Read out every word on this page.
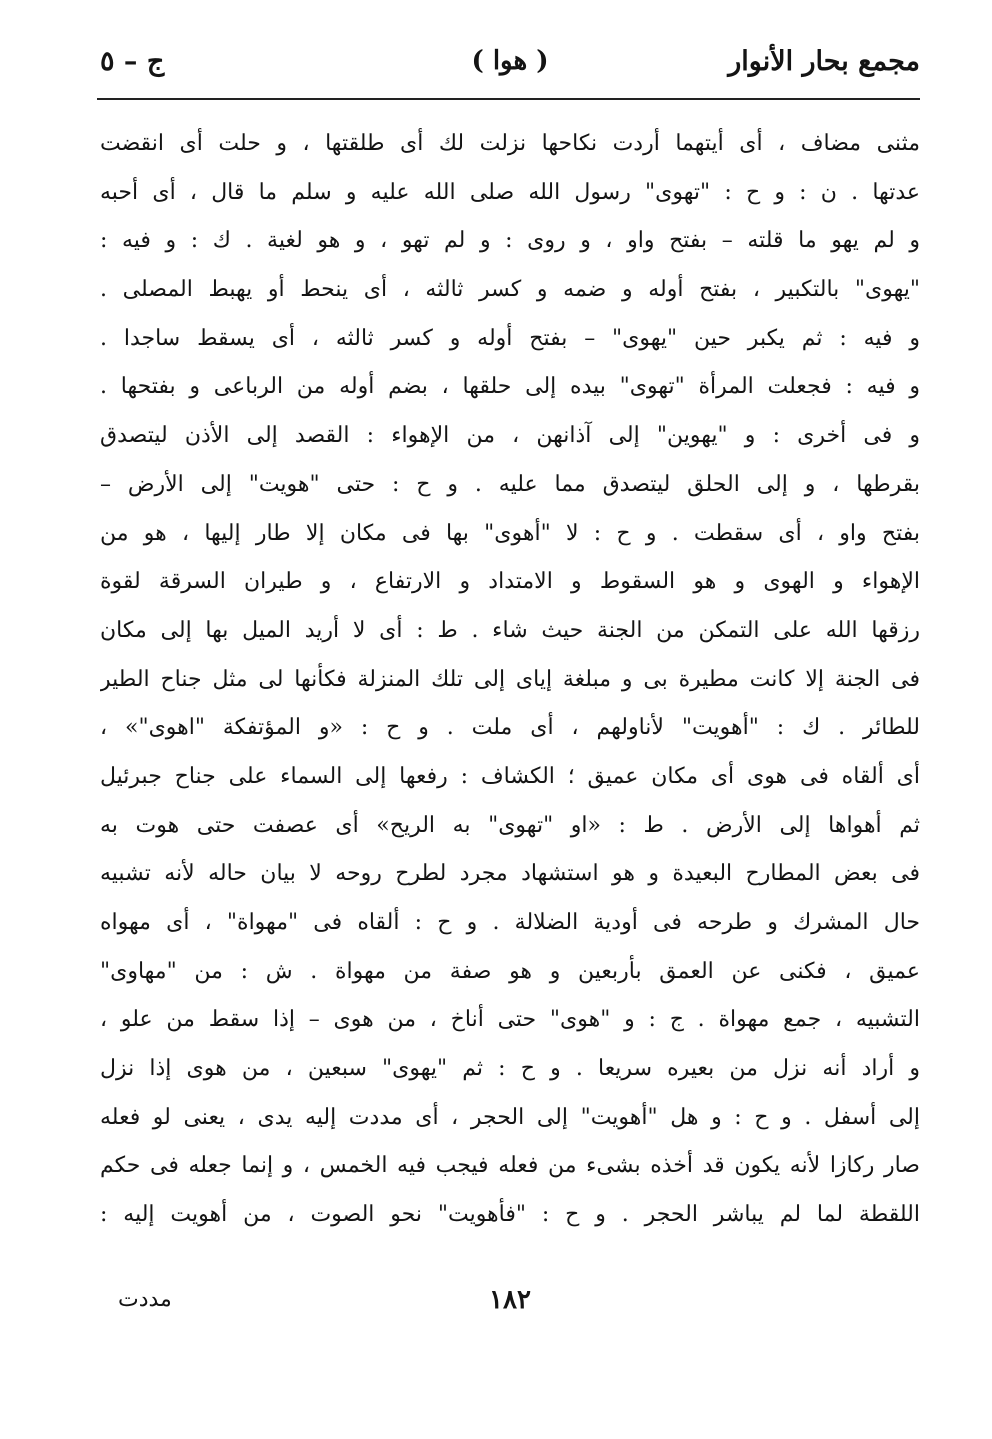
مجمع بحار الأنوار
( هوا )
ج – ٥
مثنى مضاف ، أى أيتهما أردت نكاحها نزلت لك أى طلقتها ، و حلت أى انقضت
عدتها . ن : و ح : "تهوى" رسول الله صلى الله عليه و سلم ما قال ، أى أحبه
و لم يهو ما قلته – بفتح واو ، و روى : و لم تهو ، و هو لغية . ك : و فيه :
"يهوى" بالتكبير ، بفتح أوله و ضمه و كسر ثالثه ، أى ينحط أو يهبط المصلى .
و فيه : ثم يكبر حين "يهوى" – بفتح أوله و كسر ثالثه ، أى يسقط ساجدا .
و فيه : فجعلت المرأة "تهوى" بيده إلى حلقها ، بضم أوله من الرباعى و بفتحها .
و فى أخرى : و "يهوين" إلى آذانهن ، من الإهواء : القصد إلى الأذن ليتصدق
بقرطها ، و إلى الحلق ليتصدق مما عليه . و ح : حتى "هويت" إلى الأرض –
بفتح واو ، أى سقطت . و ح : لا "أهوى" بها فى مكان إلا طار إليها ، هو من
الإهواء و الهوى و هو السقوط و الامتداد و الارتفاع ، و طيران السرقة لقوة
رزقها الله على التمكن من الجنة حيث شاء . ط : أى لا أريد الميل بها إلى مكان
فى الجنة إلا كانت مطيرة بى و مبلغة إياى إلى تلك المنزلة فكأنها لى مثل جناح الطير
للطائر . ك : "أهويت" لأناولهم ، أى ملت . و ح : «و المؤتفكة "اهوى"» ،
أى ألقاه فى هوى أى مكان عميق ؛ الكشاف : رفعها إلى السماء على جناح جبرئيل
ثم أهواها إلى الأرض . ط : «او "تهوى" به الريح» أى عصفت حتى هوت به
فى بعض المطارح البعيدة و هو استشهاد مجرد لطرح روحه لا بيان حاله لأنه تشبيه
حال المشرك و طرحه فى أودية الضلالة . و ح : ألقاه فى "مهواة" ، أى مهواه
عميق ، فكنى عن العمق بأربعين و هو صفة من مهواة . ش : من "مهاوى"
التشبيه ، جمع مهواة . ج : و "هوى" حتى أناخ ، من هوى – إذا سقط من علو ،
و أراد أنه نزل من بعيره سريعا . و ح : ثم "يهوى" سبعين ، من هوى إذا نزل
إلى أسفل . و ح : و هل "أهويت" إلى الحجر ، أى مددت إليه يدى ، يعنى لو فعله
صار ركازا لأنه يكون قد أخذه بشىء من فعله فيجب فيه الخمس ، و إنما جعله فى حكم
اللقطة لما لم يباشر الحجر . و ح : "فأهويت" نحو الصوت ، من أهويت إليه :
١٨٢
مددت
